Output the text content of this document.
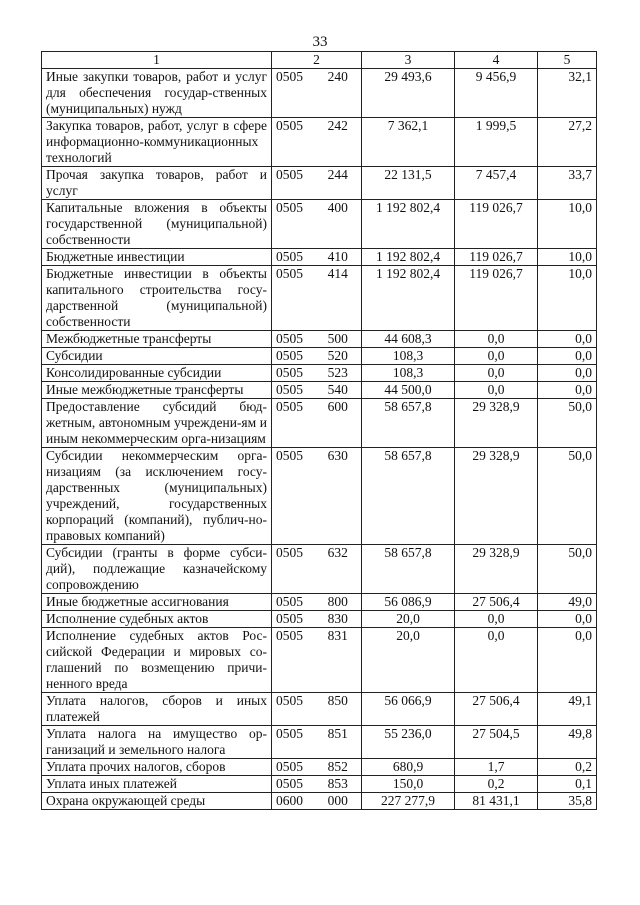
33
1	2		3	4	5
Иные закупки товаров, работ и услуг для обеспечения государ-ственных (муниципальных) нужд	0505	240	29 493,6	9 456,9	32,1
Закупка товаров, работ, услуг в сфере информационно-коммуникационных технологий	0505	242	7 362,1	1 999,5	27,2
Прочая закупка товаров, работ и услуг	0505	244	22 131,5	7 457,4	33,7
Капитальные вложения в объекты государственной (муниципальной) собственности	0505	400	1 192 802,4	119 026,7	10,0
Бюджетные инвестиции	0505	410	1 192 802,4	119 026,7	10,0
Бюджетные инвестиции в объекты капитального строительства госу-дарственной (муниципальной) собственности	0505	414	1 192 802,4	119 026,7	10,0
Межбюджетные трансферты	0505	500	44 608,3	0,0	0,0
Субсидии	0505	520	108,3	0,0	0,0
Консолидированные субсидии	0505	523	108,3	0,0	0,0
Иные межбюджетные трансферты	0505	540	44 500,0	0,0	0,0
Предоставление субсидий бюд-жетным, автономным учреждени-ям и иным некоммерческим орга-низациям	0505	600	58 657,8	29 328,9	50,0
Субсидии некоммерческим орга-низациям (за исключением госу-дарственных (муниципальных) учреждений, государственных корпораций (компаний), публич-но-правовых компаний)	0505	630	58 657,8	29 328,9	50,0
Субсидии (гранты в форме субси-дий), подлежащие казначейскому сопровождению	0505	632	58 657,8	29 328,9	50,0
Иные бюджетные ассигнования	0505	800	56 086,9	27 506,4	49,0
Исполнение судебных актов	0505	830	20,0	0,0	0,0
Исполнение судебных актов Рос-сийской Федерации и мировых со-глашений по возмещению причи-ненного вреда	0505	831	20,0	0,0	0,0
Уплата налогов, сборов и иных платежей	0505	850	56 066,9	27 506,4	49,1
Уплата налога на имущество ор-ганизаций и земельного налога	0505	851	55 236,0	27 504,5	49,8
Уплата прочих налогов, сборов	0505	852	680,9	1,7	0,2
Уплата иных платежей	0505	853	150,0	0,2	0,1
Охрана окружающей среды	0600	000	227 277,9	81 431,1	35,8
